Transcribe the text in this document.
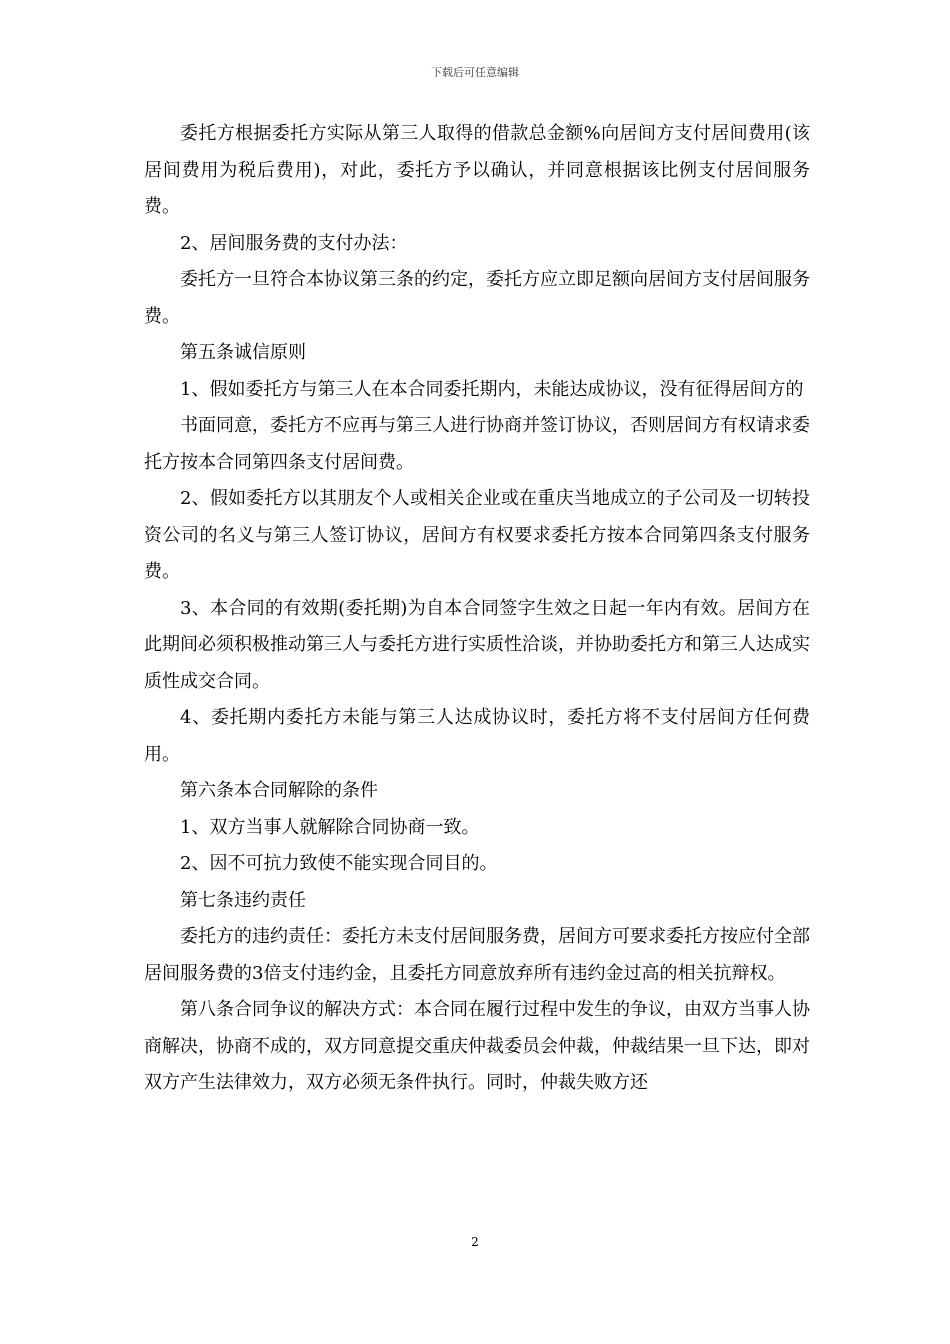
下载后可任意编辑

委托方根据委托方实际从第三人取得的借款总金额%向居间方支付居间费用(该居间费用为税后费用)，对此，委托方予以确认，并同意根据该比例支付居间服务费。

2、居间服务费的支付办法：

委托方一旦符合本协议第三条的约定，委托方应立即足额向居间方支付居间服务费。

第五条诚信原则

1、假如委托方与第三人在本合同委托期内，未能达成协议，没有征得居间方的

书面同意，委托方不应再与第三人进行协商并签订协议，否则居间方有权请求委托方按本合同第四条支付居间费。

2、假如委托方以其朋友个人或相关企业或在重庆当地成立的子公司及一切转投资公司的名义与第三人签订协议，居间方有权要求委托方按本合同第四条支付服务费。

3、本合同的有效期(委托期)为自本合同签字生效之日起一年内有效。居间方在此期间必须积极推动第三人与委托方进行实质性洽谈，并协助委托方和第三人达成实质性成交合同。

4、委托期内委托方未能与第三人达成协议时，委托方将不支付居间方任何费用。

第六条本合同解除的条件

1、双方当事人就解除合同协商一致。

2、因不可抗力致使不能实现合同目的。

第七条违约责任

委托方的违约责任：委托方未支付居间服务费，居间方可要求委托方按应付全部居间服务费的3倍支付违约金，且委托方同意放弃所有违约金过高的相关抗辩权。

第八条合同争议的解决方式：本合同在履行过程中发生的争议，由双方当事人协商解决，协商不成的，双方同意提交重庆仲裁委员会仲裁，仲裁结果一旦下达，即对双方产生法律效力，双方必须无条件执行。同时，仲裁失败方还

2
